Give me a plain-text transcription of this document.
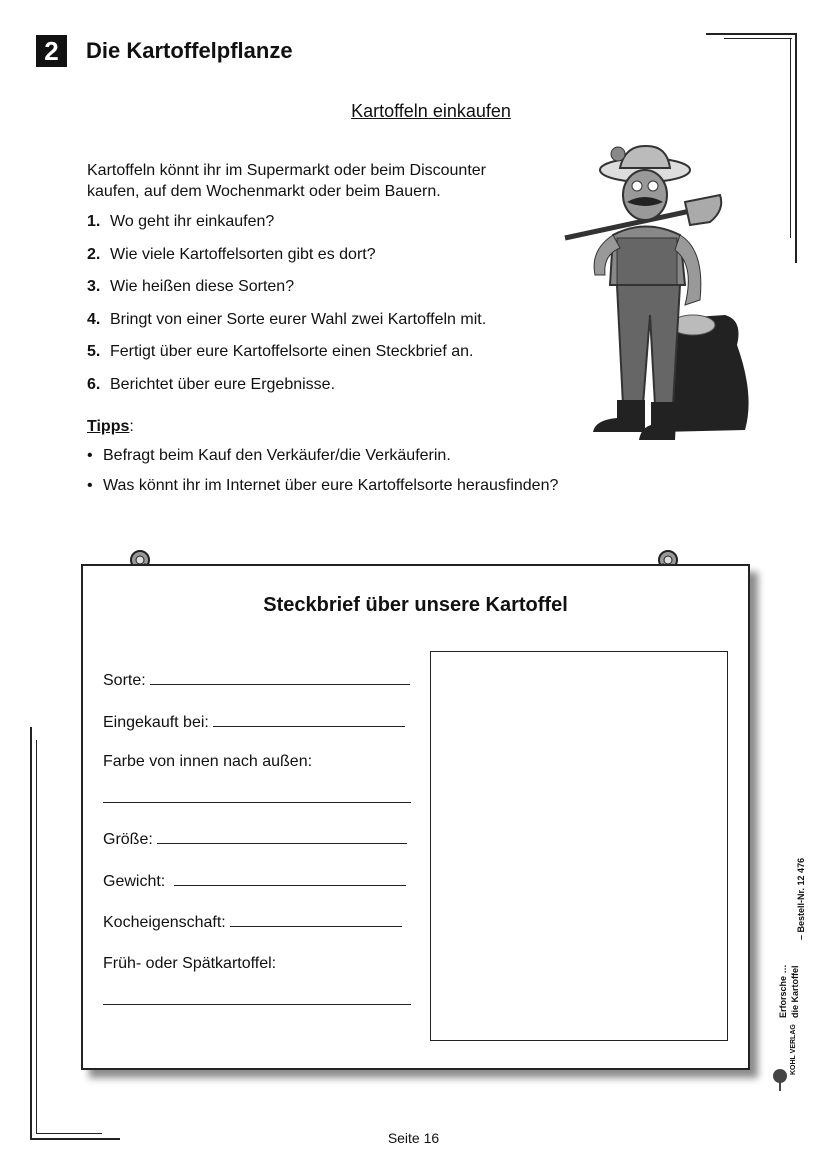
2	Die Kartoffelpflanze
Kartoffeln einkaufen
Kartoffeln könnt ihr im Supermarkt oder beim Discounter
kaufen, auf dem Wochenmarkt oder beim Bauern.
1. Wo geht ihr einkaufen?
2. Wie viele Kartoffelsorten gibt es dort?
3. Wie heißen diese Sorten?
4. Bringt von einer Sorte eurer Wahl zwei Kartoffeln mit.
5. Fertigt über eure Kartoffelsorte einen Steckbrief an.
6. Berichtet über eure Ergebnisse.
Tipps:
• Befragt beim Kauf den Verkäufer/die Verkäuferin.
• Was könnt ihr im Internet über eure Kartoffelsorte herausfinden?
Steckbrief über unsere Kartoffel
Sorte:
Eingekauft bei:
Farbe von innen nach außen:
Größe:
Gewicht:
Kocheigenschaft:
Früh- oder Spätkartoffel:
Erforsche … die Kartoffel
– Bestell-Nr. 12 476
KOHL VERLAG
Seite 16
